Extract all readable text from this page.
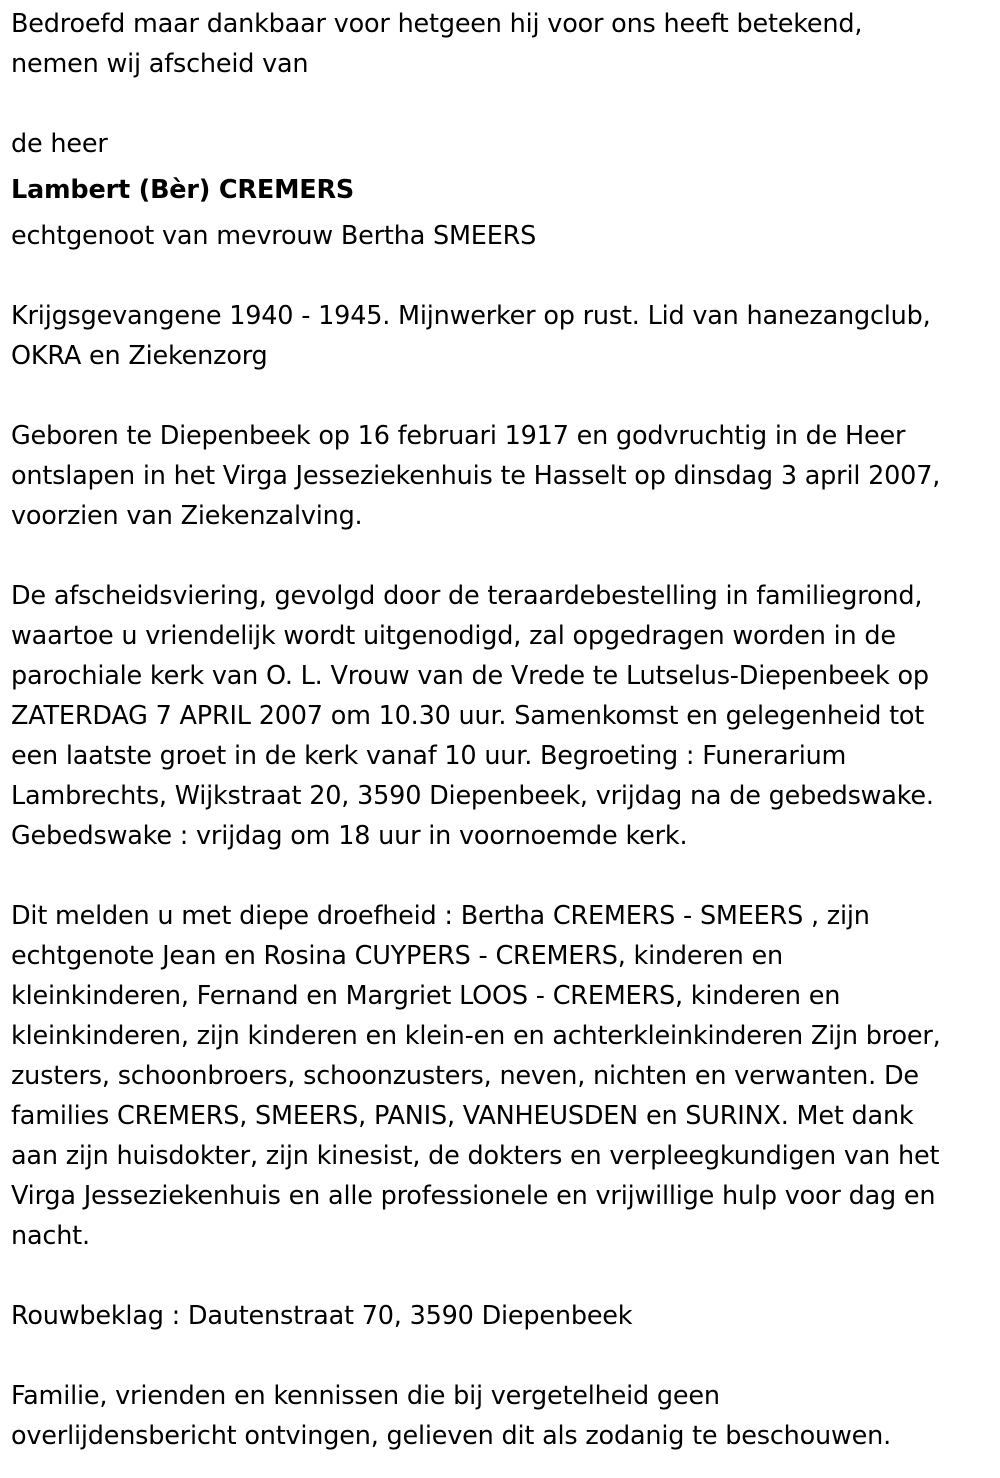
Bedroefd maar dankbaar voor hetgeen hij voor ons heeft betekend,

nemen wij afscheid van

de heer

Lambert (Bèr) CREMERS

echtgenoot van mevrouw Bertha SMEERS

Krijgsgevangene 1940 - 1945. Mijnwerker op rust. Lid van hanezangclub,

OKRA en Ziekenzorg

Geboren te Diepenbeek op 16 februari 1917 en godvruchtig in de Heer

ontslapen in het Virga Jesseziekenhuis te Hasselt op dinsdag 3 april 2007,

voorzien van Ziekenzalving.

De afscheidsviering, gevolgd door de teraardebestelling in familiegrond,

waartoe u vriendelijk wordt uitgenodigd, zal opgedragen worden in de

parochiale kerk van O. L. Vrouw van de Vrede te Lutselus-Diepenbeek op

ZATERDAG 7 APRIL 2007 om 10.30 uur. Samenkomst en gelegenheid tot

een laatste groet in de kerk vanaf 10 uur. Begroeting : Funerarium

Lambrechts, Wijkstraat 20, 3590 Diepenbeek, vrijdag na de gebedswake.

Gebedswake : vrijdag om 18 uur in voornoemde kerk.

Dit melden u met diepe droefheid : Bertha CREMERS - SMEERS , zijn

echtgenote Jean en Rosina CUYPERS - CREMERS, kinderen en

kleinkinderen, Fernand en Margriet LOOS - CREMERS, kinderen en

kleinkinderen, zijn kinderen en klein-en en achterkleinkinderen Zijn broer,

zusters, schoonbroers, schoonzusters, neven, nichten en verwanten. De

families CREMERS, SMEERS, PANIS, VANHEUSDEN en SURINX. Met dank

aan zijn huisdokter, zijn kinesist, de dokters en verpleegkundigen van het

Virga Jesseziekenhuis en alle professionele en vrijwillige hulp voor dag en

nacht.

Rouwbeklag : Dautenstraat 70, 3590 Diepenbeek

Familie, vrienden en kennissen die bij vergetelheid geen

overlijdensbericht ontvingen, gelieven dit als zodanig te beschouwen.
